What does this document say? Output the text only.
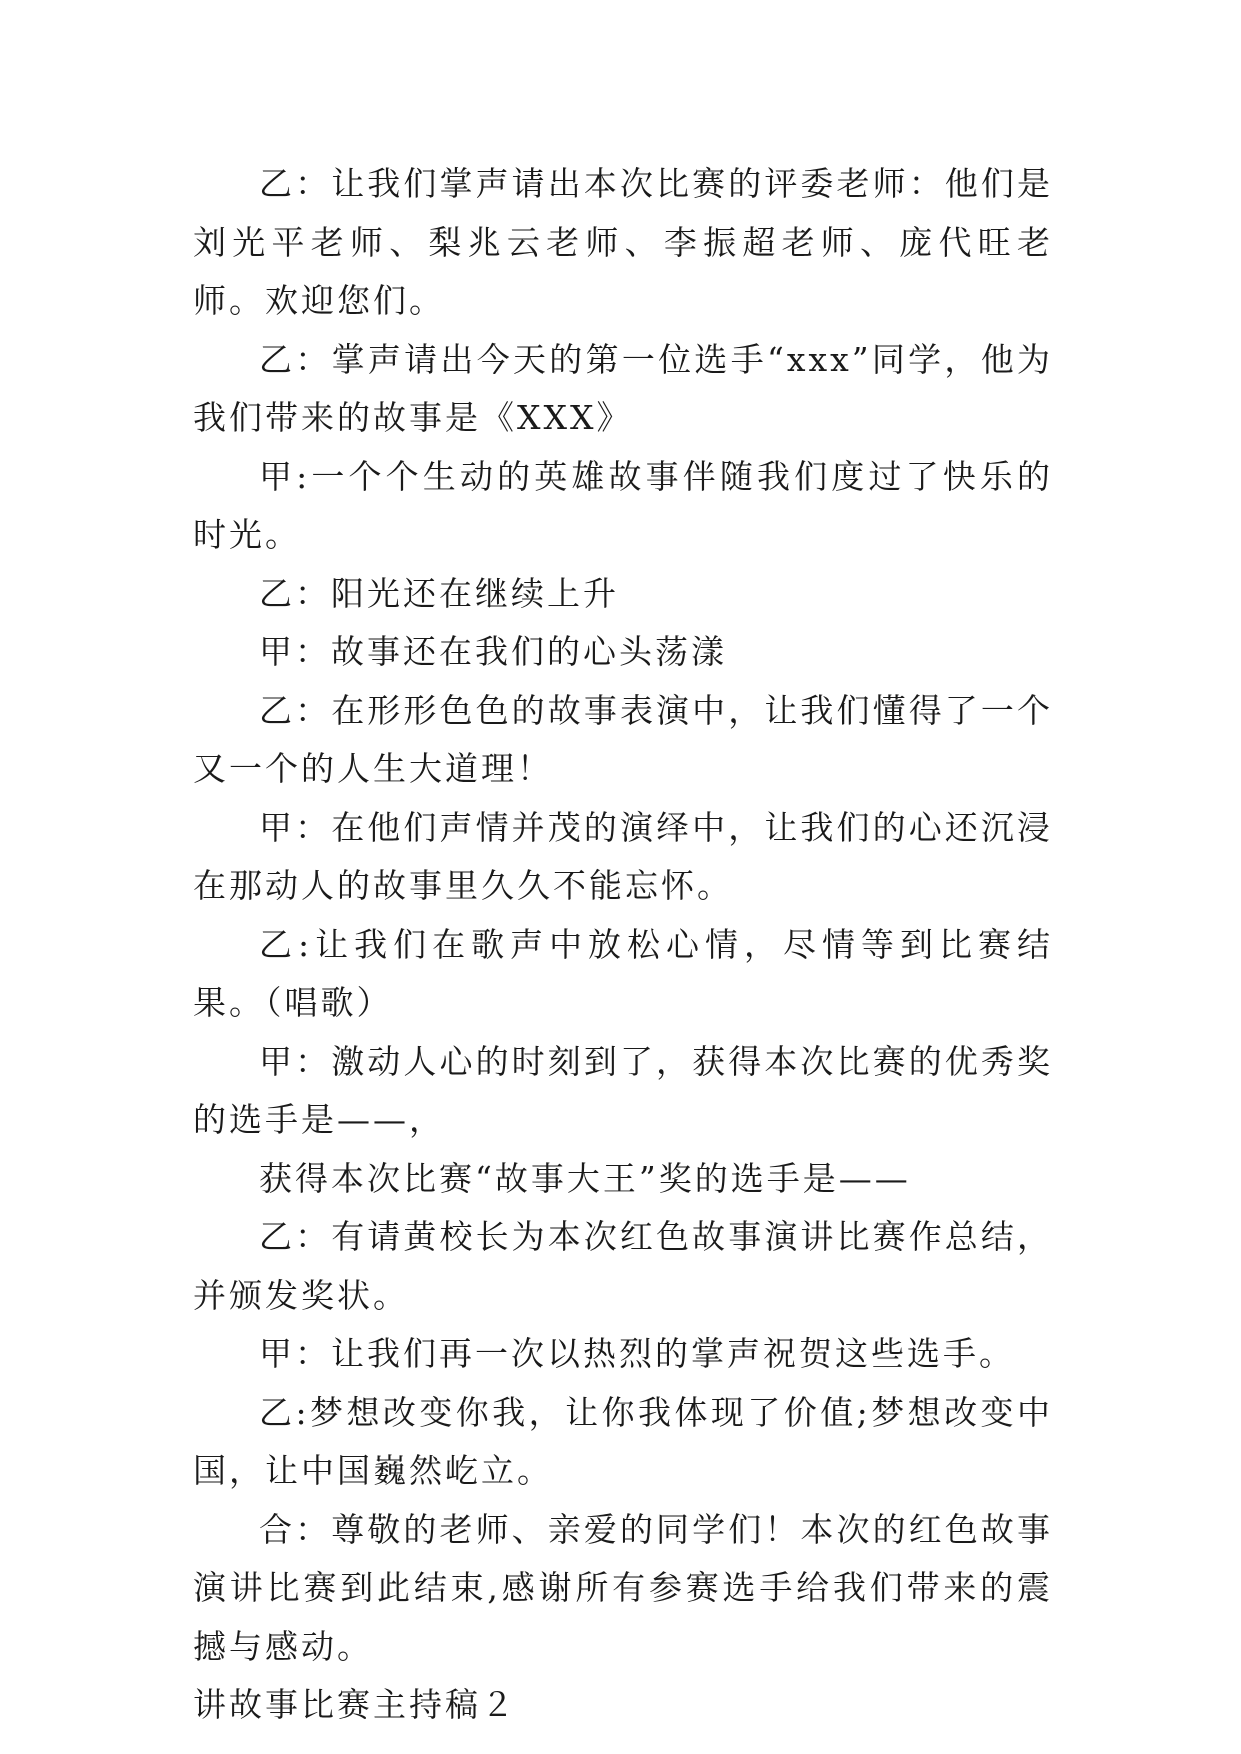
乙：让我们掌声请出本次比赛的评委老师：他们是刘光平老师、梨兆云老师、李振超老师、庞代旺老师。欢迎您们。

乙：掌声请出今天的第一位选手“xxx”同学，他为我们带来的故事是《XXX》

甲:一个个生动的英雄故事伴随我们度过了快乐的时光。

乙：阳光还在继续上升

甲：故事还在我们的心头荡漾

乙：在形形色色的故事表演中，让我们懂得了一个又一个的人生大道理！

甲：在他们声情并茂的演绎中，让我们的心还沉浸在那动人的故事里久久不能忘怀。

乙:让我们在歌声中放松心情，尽情等到比赛结果。（唱歌）

甲：激动人心的时刻到了，获得本次比赛的优秀奖的选手是——，

获得本次比赛“故事大王”奖的选手是——

乙：有请黄校长为本次红色故事演讲比赛作总结，并颁发奖状。

甲：让我们再一次以热烈的掌声祝贺这些选手。

乙:梦想改变你我，让你我体现了价值;梦想改变中国，让中国巍然屹立。

合：尊敬的老师、亲爱的同学们！本次的红色故事演讲比赛到此结束,感谢所有参赛选手给我们带来的震撼与感动。

讲故事比赛主持稿２
